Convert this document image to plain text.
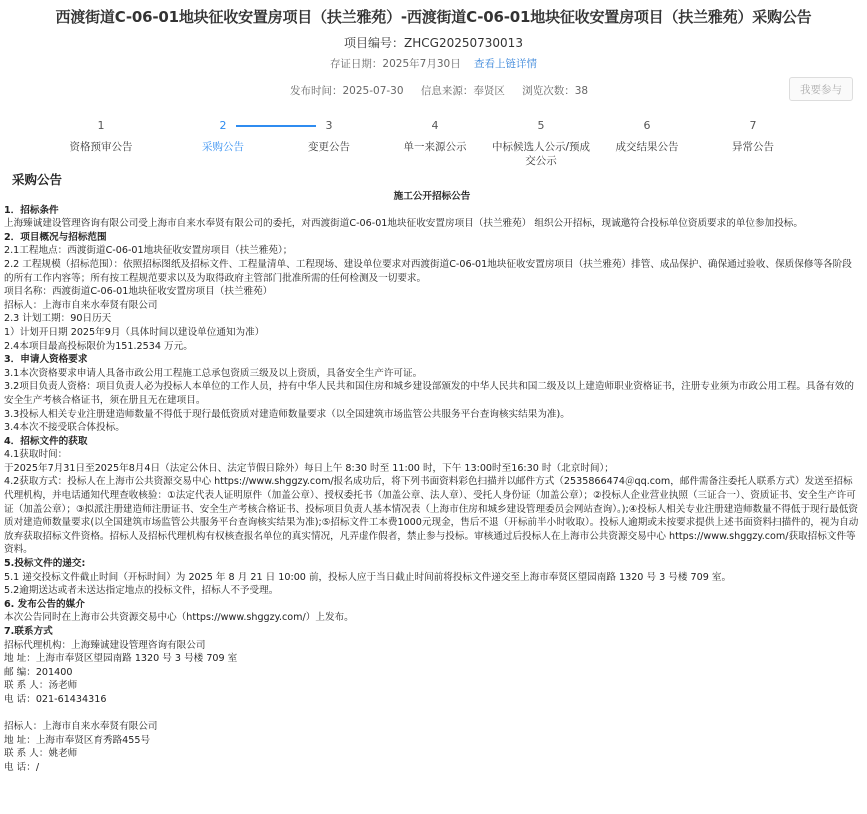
西渡街道C-06-01地块征收安置房项目（扶兰雅苑）-西渡街道C-06-01地块征收安置房项目（扶兰雅苑）采购公告
项目编号：ZHCG20250730013
存证日期：2025年7月30日 查看上链详情
发布时间：2025-07-30 信息来源：奉贤区 浏览次数：38	我要参与
1
资格预审公告
2
采购公告
3
变更公告
4
单一来源公示
5
中标候选人公示/预成交公示
6
成交结果公告
7
异常公告
采购公告

施工公开招标公告

1．招标条件

上海臻诚建设管理咨询有限公司受上海市自来水奉贤有限公司的委托，对西渡街道C-06-01地块征收安置房项目（扶兰雅苑） 组织公开招标，现诚邀符合投标单位资质要求的单位参加投标。

2．项目概况与招标范围

2.1工程地点：西渡街道C-06-01地块征收安置房项目（扶兰雅苑）；

2.2 工程规模（招标范围）：依照招标图纸及招标文件、工程量清单、工程现场、建设单位要求对西渡街道C-06-01地块征收安置房项目（扶兰雅苑）排管、成品保护、确保通过验收、保质保修等各阶段的所有工作内容等；所有按工程规范要求以及为取得政府主管部门批准所需的任何检测及一切要求。

项目名称：西渡街道C-06-01地块征收安置房项目（扶兰雅苑）

招标人：上海市自来水奉贤有限公司

2.3 计划工期：90日历天

1）计划开日期 2025年9月（具体时间以建设单位通知为准）

2.4本项目最高投标限价为151.2534 万元。

3．申请人资格要求

3.1本次资格要求申请人具备市政公用工程施工总承包资质三级及以上资质，具备安全生产许可证。

3.2项目负责人资格：项目负责人必为投标人本单位的工作人员，持有中华人民共和国住房和城乡建设部颁发的中华人民共和国二级及以上建造师职业资格证书，注册专业须为市政公用工程。具备有效的安全生产考核合格证书，须在册且无在建项目。

3.3投标人相关专业注册建造师数量不得低于现行最低资质对建造师数量要求（以全国建筑市场监管公共服务平台查询核实结果为准)。

3.4本次不接受联合体投标。

4．招标文件的获取

4.1获取时间：

于2025年7月31日至2025年8月4日（法定公休日、法定节假日除外）每日上午 8:30 时至 11:00 时，下午 13:00时至16:30 时（北京时间）；

4.2获取方式：投标人在上海市公共资源交易中心 https://www.shggzy.com/报名成功后，将下列书面资料彩色扫描并以邮件方式（2535866474＠qq.com，邮件需备注委托人联系方式）发送至招标代理机构，并电话通知代理查收核验：①法定代表人证明原件（加盖公章）、授权委托书（加盖公章、法人章）、受托人身份证（加盖公章）；②投标人企业营业执照（三证合一）、资质证书、安全生产许可证（加盖公章）；③拟派注册建造师注册证书、安全生产考核合格证书、投标项目负责人基本情况表（上海市住房和城乡建设管理委员会网站查询）。);④投标人相关专业注册建造师数量不得低于现行最低资质对建造师数量要求(以全国建筑市场监管公共服务平台查询核实结果为准);⑤招标文件工本费1000元现金，售后不退（开标前半小时收取）。投标人逾期或未按要求提供上述书面资料扫描件的，视为自动放弃获取招标文件资格。招标人及招标代理机构有权核查报名单位的真实情况，凡弄虚作假者，禁止参与投标。审核通过后投标人在上海市公共资源交易中心 https://www.shggzy.com/获取招标文件等资料。

5.投标文件的递交:

5.1 递交投标文件截止时间（开标时间）为 2025 年 8 月 21 日 10:00 前，投标人应于当日截止时间前将投标文件递交至上海市奉贤区望园南路 1320 号 3 号楼 709 室。

5.2逾期送达或者未送达指定地点的投标文件，招标人不予受理。

6. 发布公告的媒介

本次公告同时在上海市公共资源交易中心（https://www.shggzy.com/）上发布。

7.联系方式

招标代理机构：上海臻诚建设管理咨询有限公司

地 址：上海市奉贤区望园南路 1320 号 3 号楼 709 室

邮 编：201400

联 系 人：汤老师

电 话：021-61434316

招标人：上海市自来水奉贤有限公司

地 址：上海市奉贤区育秀路455号

联 系 人：姚老师

电 话：/
